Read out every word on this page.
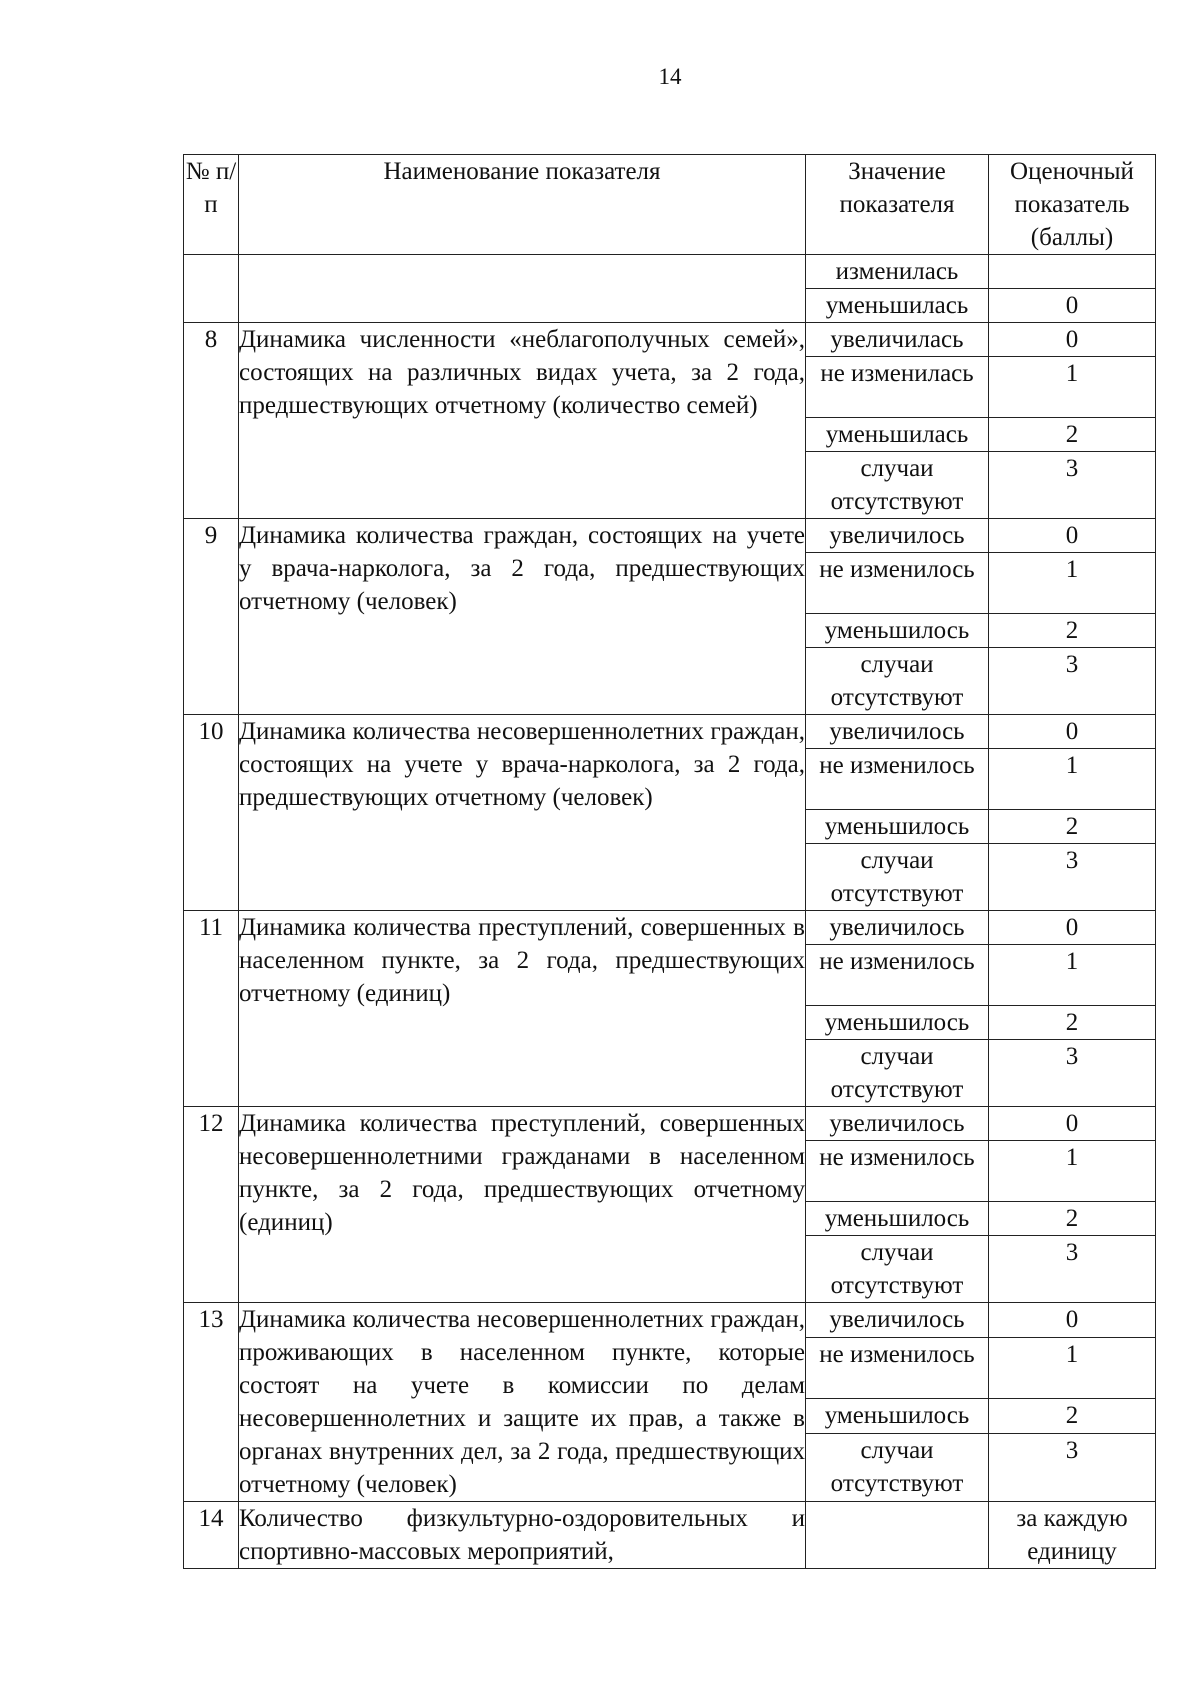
14
№ п/п	Наименование показателя	Значение показателя	Оценочный показатель (баллы)
		изменилась	
		уменьшилась	0
8	Динамика численности «неблагополучных семей», состоящих на различных видах учета, за 2 года, предшествующих отчетному (количество семей)	увеличилась	0
		не изменилась	1
		уменьшилась	2
		случаи отсутствуют	3
9	Динамика количества граждан, состоящих на учете у врача-нарколога, за 2 года, предшествующих отчетному (человек)	увеличилось	0
		не изменилось	1
		уменьшилось	2
		случаи отсутствуют	3
10	Динамика количества несовершеннолетних граждан, состоящих на учете у врача-нарколога, за 2 года, предшествующих отчетному (человек)	увеличилось	0
		не изменилось	1
		уменьшилось	2
		случаи отсутствуют	3
11	Динамика количества преступлений, совершенных в населенном пункте, за 2 года, предшествующих отчетному (единиц)	увеличилось	0
		не изменилось	1
		уменьшилось	2
		случаи отсутствуют	3
12	Динамика количества преступлений, совершенных несовершеннолетними гражданами в населенном пункте, за 2 года, предшествующих отчетному (единиц)	увеличилось	0
		не изменилось	1
		уменьшилось	2
		случаи отсутствуют	3
13	Динамика количества несовершеннолетних граждан, проживающих в населенном пункте, которые состоят на учете в комиссии по делам несовершеннолетних и защите их прав, а также в органах внутренних дел, за 2 года, предшествующих отчетному (человек)	увеличилось	0
		не изменилось	1
		уменьшилось	2
		случаи отсутствуют	3
14	Количество физкультурно-оздоровительных и спортивно-массовых мероприятий,		за каждую единицу
